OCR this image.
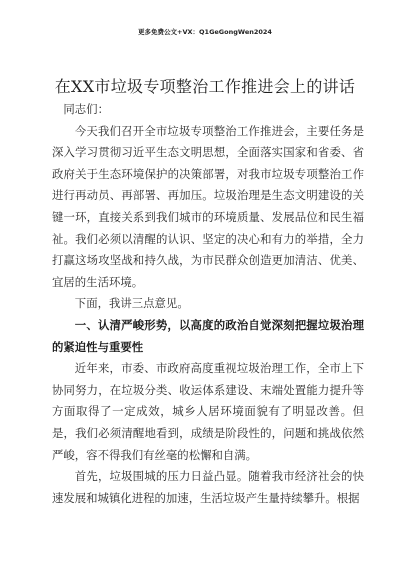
更多免费公文+VX：Q1GeGongWen2024
在XX市垃圾专项整治工作推进会上的讲话

同志们：

今天我们召开全市垃圾专项整治工作推进会，主要任务是深入学习贯彻习近平生态文明思想，全面落实国家和省委、省政府关于生态环境保护的决策部署，对我市垃圾专项整治工作进行再动员、再部署、再加压。垃圾治理是生态文明建设的关键一环，直接关系到我们城市的环境质量、发展品位和民生福祉。我们必须以清醒的认识、坚定的决心和有力的举措，全力打赢这场攻坚战和持久战，为市民群众创造更加清洁、优美、宜居的生活环境。

下面，我讲三点意见。

一、认清严峻形势，以高度的政治自觉深刻把握垃圾治理的紧迫性与重要性

近年来，市委、市政府高度重视垃圾治理工作，全市上下协同努力，在垃圾分类、收运体系建设、末端处置能力提升等方面取得了一定成效，城乡人居环境面貌有了明显改善。但是，我们必须清醒地看到，成绩是阶段性的，问题和挑战依然严峻，容不得我们有丝毫的松懈和自满。

首先，垃圾围城的压力日益凸显。随着我市经济社会的快速发展和城镇化进程的加速，生活垃圾产生量持续攀升。根据
